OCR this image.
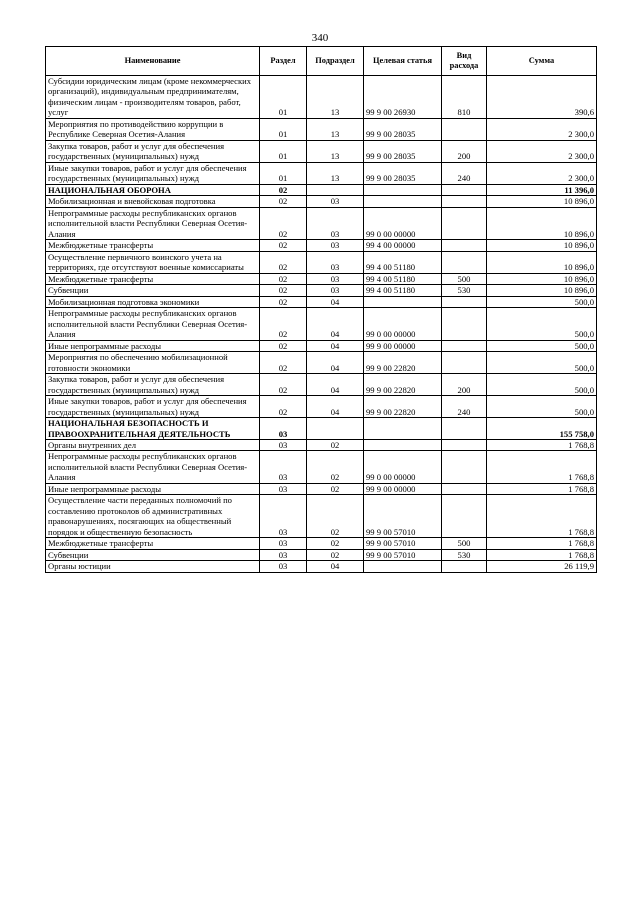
340
Наименование	Раздел	Подраздел	Целевая статья	Вид расхода	Сумма
Субсидии юридическим лицам (кроме некоммерческих организаций), индивидуальным предпринимателям, физическим лицам - производителям товаров, работ, услуг	01	13	99 9 00 26930	810	390,6
Мероприятия по противодействию коррупции в Республике Северная Осетия-Алания	01	13	99 9 00 28035		2 300,0
Закупка товаров, работ и услуг для обеспечения государственных (муниципальных) нужд	01	13	99 9 00 28035	200	2 300,0
Иные закупки товаров, работ и услуг для обеспечения государственных (муниципальных) нужд	01	13	99 9 00 28035	240	2 300,0
НАЦИОНАЛЬНАЯ ОБОРОНА	02				11 396,0
Мобилизационная и вневойсковая подготовка	02	03			10 896,0
Непрограммные расходы республиканских органов исполнительной власти Республики Северная Осетия-Алания	02	03	99 0 00 00000		10 896,0
Межбюджетные трансферты	02	03	99 4 00 00000		10 896,0
Осуществление первичного воинского учета на территориях, где отсутствуют военные комиссариаты	02	03	99 4 00 51180		10 896,0
Межбюджетные трансферты	02	03	99 4 00 51180	500	10 896,0
Субвенции	02	03	99 4 00 51180	530	10 896,0
Мобилизационная подготовка экономики	02	04			500,0
Непрограммные расходы республиканских органов исполнительной власти Республики Северная Осетия-Алания	02	04	99 0 00 00000		500,0
Иные непрограммные расходы	02	04	99 9 00 00000		500,0
Мероприятия по обеспечению мобилизационной готовности экономики	02	04	99 9 00 22820		500,0
Закупка товаров, работ и услуг для обеспечения государственных (муниципальных) нужд	02	04	99 9 00 22820	200	500,0
Иные закупки товаров, работ и услуг для обеспечения государственных (муниципальных) нужд	02	04	99 9 00 22820	240	500,0
НАЦИОНАЛЬНАЯ БЕЗОПАСНОСТЬ И ПРАВООХРАНИТЕЛЬНАЯ ДЕЯТЕЛЬНОСТЬ	03				155 758,0
Органы внутренних дел	03	02			1 768,8
Непрограммные расходы республиканских органов исполнительной власти Республики Северная Осетия-Алания	03	02	99 0 00 00000		1 768,8
Иные непрограммные расходы	03	02	99 9 00 00000		1 768,8
Осуществление части переданных полномочий по составлению протоколов об административных правонарушениях, посягающих на общественный порядок и общественную безопасность	03	02	99 9 00 57010		1 768,8
Межбюджетные трансферты	03	02	99 9 00 57010	500	1 768,8
Субвенции	03	02	99 9 00 57010	530	1 768,8
Органы юстиции	03	04			26 119,9
